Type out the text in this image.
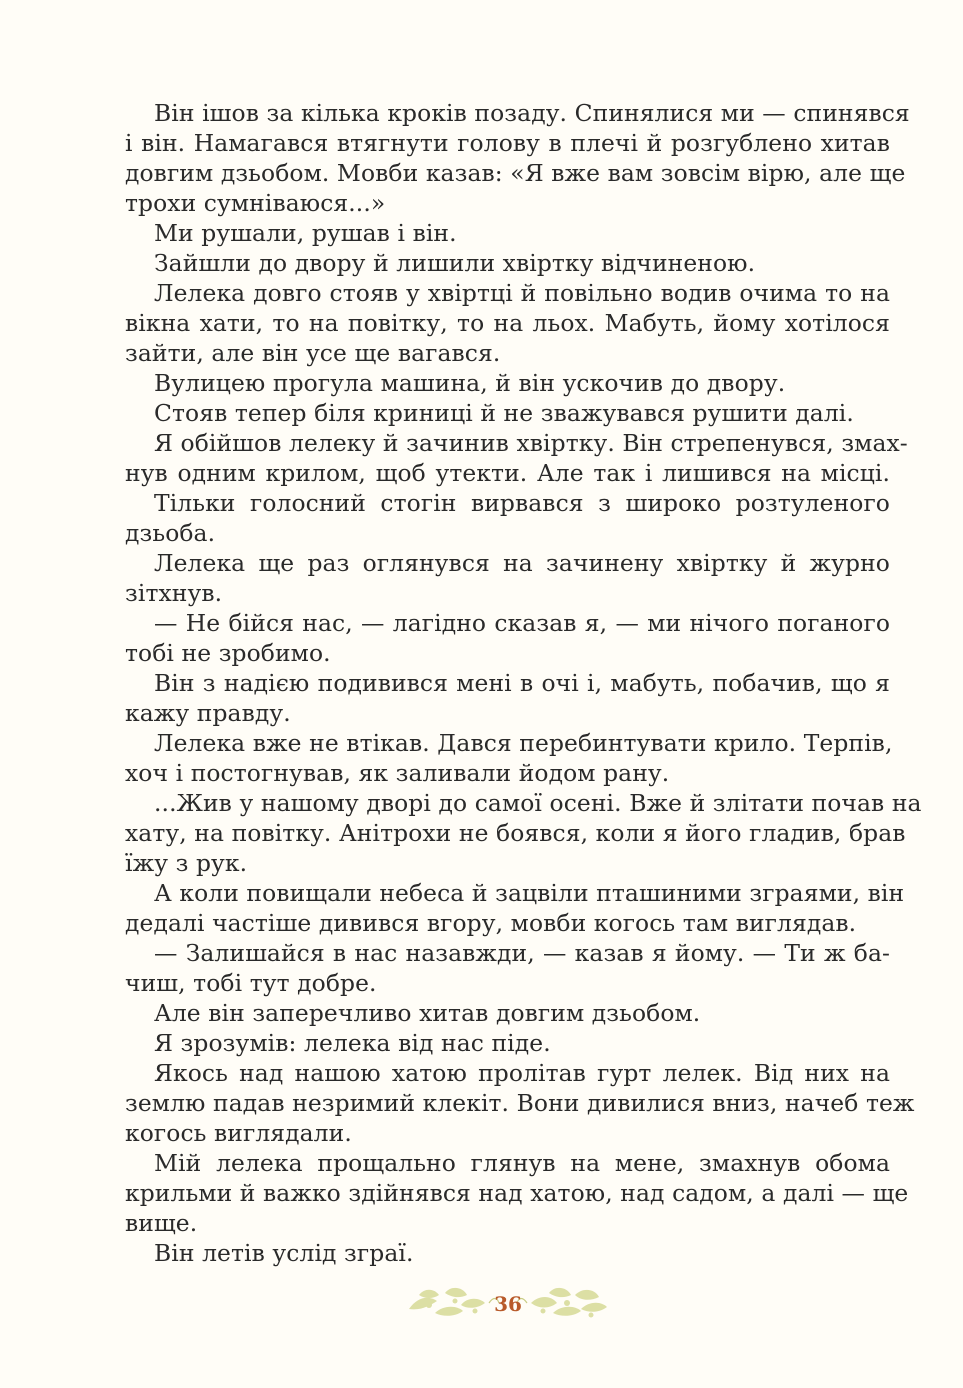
Він ішов за кілька кроків позаду. Спинялися ми — спинявся
і він. Намагався втягнути голову в плечі й розгублено хитав
довгим дзьобом. Мовби казав: «Я вже вам зовсім вірю, але ще
трохи сумніваюся...»
Ми рушали, рушав і він.
Зайшли до двору й лишили хвіртку відчиненою.
Лелека довго стояв у хвіртці й повільно водив очима то на
вікна хати, то на повітку, то на льох. Мабуть, йому хотілося
зайти, але він усе ще вагався.
Вулицею прогула машина, й він ускочив до двору.
Стояв тепер біля криниці й не зважувався рушити далі.
Я обійшов лелеку й зачинив хвіртку. Він стрепенувся, змах-
нув одним крилом, щоб утекти. Але так і лишився на місці.
Тільки голосний стогін вирвався з широко розтуленого
дзьоба.
Лелека ще раз оглянувся на зачинену хвіртку й журно
зітхнув.
— Не бійся нас, — лагідно сказав я, — ми нічого поганого
тобі не зробимо.
Він з надією подивився мені в очі і, мабуть, побачив, що я
кажу правду.
Лелека вже не втікав. Дався перебинтувати крило. Терпів,
хоч і постогнував, як заливали йодом рану.
...Жив у нашому дворі до самої осені. Вже й злітати почав на
хату, на повітку. Анітрохи не боявся, коли я його гладив, брав
їжу з рук.
А коли повищали небеса й зацвіли пташиними зграями, він
дедалі частіше дивився вгору, мовби когось там виглядав.
— Залишайся в нас назавжди, — казав я йому. — Ти ж ба-
чиш, тобі тут добре.
Але він заперечливо хитав довгим дзьобом.
Я зрозумів: лелека від нас піде.
Якось над нашою хатою пролітав гурт лелек. Від них на
землю падав незримий клекіт. Вони дивилися вниз, начеб теж
когось виглядали.
Мій лелека прощально глянув на мене, змахнув обома
крильми й важко здійнявся над хатою, над садом, а далі — ще
вище.
Він летів услід зграї.
36
